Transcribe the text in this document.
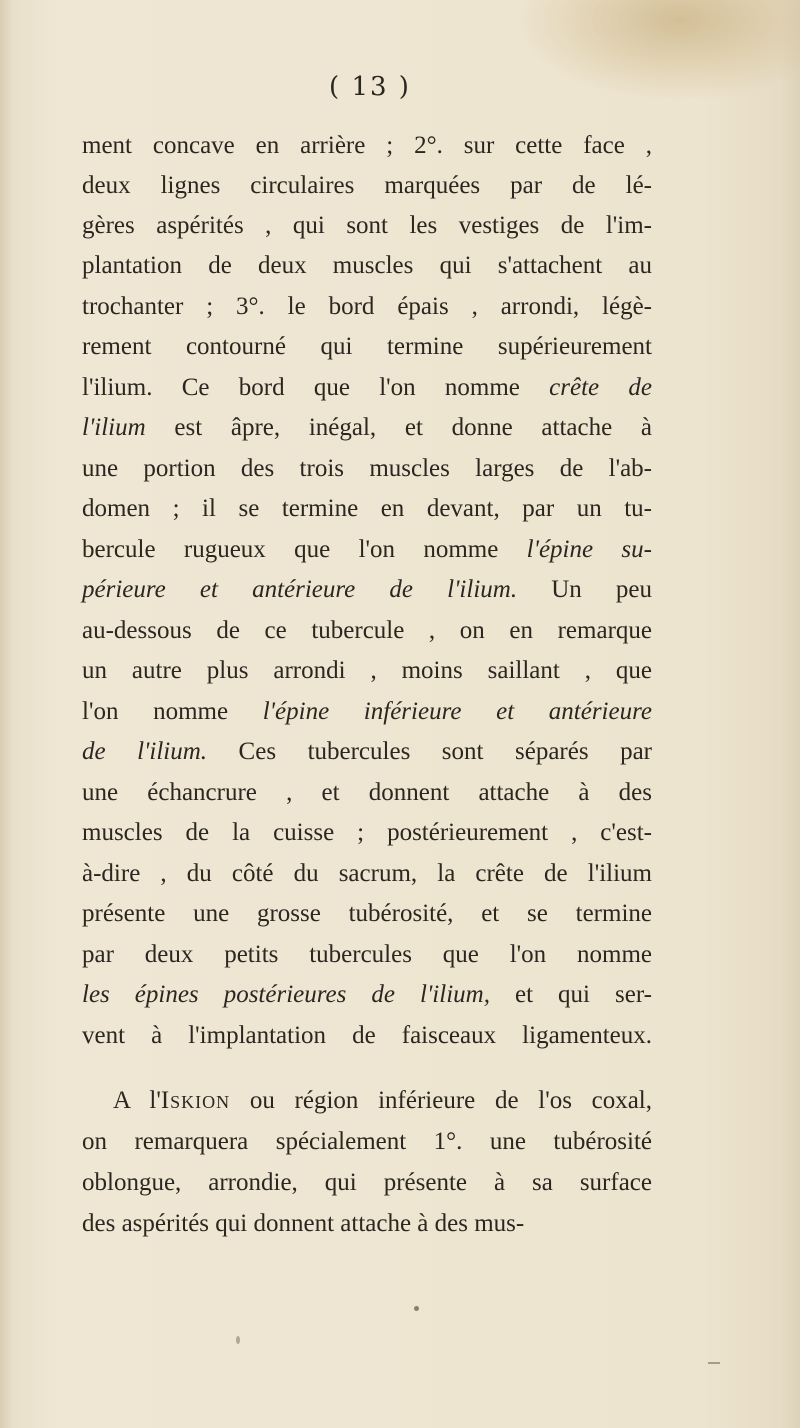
( 13 )
ment concave en arrière ; 2°. sur cette face ,
deux lignes circulaires marquées par de lé-
gères aspérités , qui sont les vestiges de l'im-
plantation de deux muscles qui s'attachent au
trochanter ; 3°. le bord épais , arrondi, légè-
rement contourné qui termine supérieurement
l'ilium. Ce bord que l'on nomme crête de
l'ilium est âpre, inégal, et donne attache à
une portion des trois muscles larges de l'ab-
domen ; il se termine en devant, par un tu-
bercule rugueux que l'on nomme l'épine su-
périeure et antérieure de l'ilium. Un peu
au-dessous de ce tubercule , on en remarque
un autre plus arrondi , moins saillant , que
l'on nomme l'épine inférieure et antérieure
de l'ilium. Ces tubercules sont séparés par
une échancrure , et donnent attache à des
muscles de la cuisse ; postérieurement , c'est-
à-dire , du côté du sacrum, la crête de l'ilium
présente une grosse tubérosité, et se termine
par deux petits tubercules que l'on nomme
les épines postérieures de l'ilium, et qui ser-
vent à l'implantation de faisceaux ligamenteux.
A l'Iskion ou région inférieure de l'os coxal,
on remarquera spécialement 1°. une tubérosité
oblongue, arrondie, qui présente à sa surface
des aspérités qui donnent attache à des mus-
